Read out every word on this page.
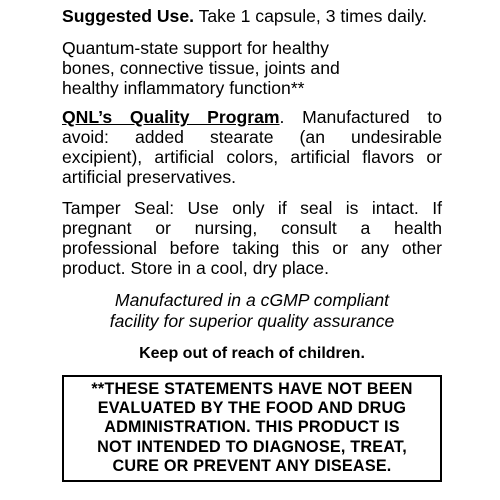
Suggested Use. Take 1 capsule, 3 times daily.

Quantum-state support for healthy
bones, connective tissue, joints and
healthy inflammatory function**

QNL’s Quality Program. Manufactured to avoid: added stearate (an undesirable excipient), artificial colors, artificial flavors or artificial preservatives.

Tamper Seal: Use only if seal is intact. If pregnant or nursing, consult a health professional before taking this or any other product. Store in a cool, dry place.

Manufactured in a cGMP compliant
facility for superior quality assurance

Keep out of reach of children.

**THESE STATEMENTS HAVE NOT BEEN
EVALUATED BY THE FOOD AND DRUG
ADMINISTRATION. THIS PRODUCT IS
NOT INTENDED TO DIAGNOSE, TREAT,
CURE OR PREVENT ANY DISEASE.
